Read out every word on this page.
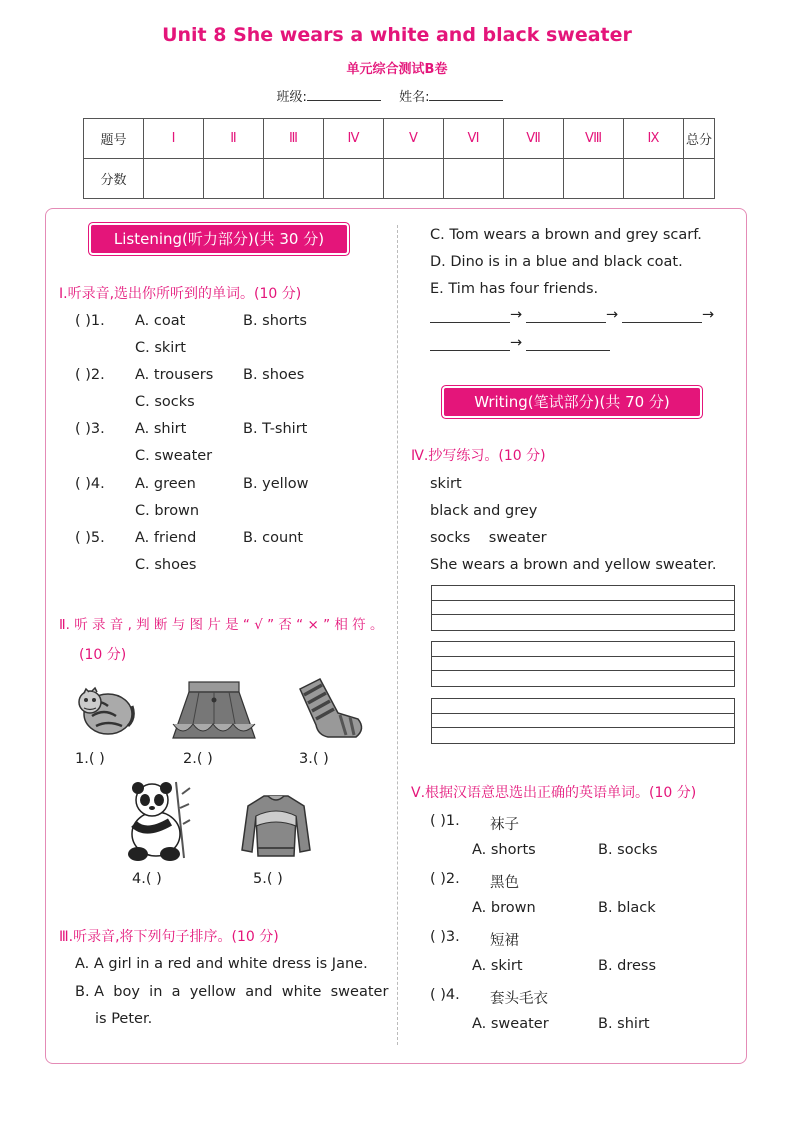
Unit 8 She wears a white and black sweater
单元综合测试B卷
班级:	姓名:
题号	Ⅰ	Ⅱ	Ⅲ	Ⅳ	Ⅴ	Ⅵ	Ⅶ	Ⅷ	Ⅸ	总分
分数										
Listening(听力部分)(共 30 分)
Ⅰ.听录音,选出你所听到的单词。(10 分)
( )1. A. coat	B. shorts
C. skirt
( )2. A. trousers B. shoes
C. socks
( )3. A. shirt	B. T-shirt
C. sweater
( )4. A. green	B. yellow
C. brown
( )5. A. friend	B. count
C. shoes
Ⅱ. 听 录 音 , 判 断 与 图 片 是 “ √ ” 否 “ × ” 相 符 。
(10 分)
1.( )	2.( )	3.( )
4.( )	5.( )
Ⅲ.听录音,将下列句子排序。(10 分)
A. A girl in a red and white dress is Jane.
B. A  boy  in  a  yellow  and  white  sweater
is Peter.
C. Tom wears a brown and grey scarf.
D. Dino is in a blue and black coat.
E. Tim has four friends.
→	→	→
→
Writing(笔试部分)(共 70 分)
Ⅳ.抄写练习。(10 分)
skirt
black and grey
socks    sweater
She wears a brown and yellow sweater.
Ⅴ.根据汉语意思选出正确的英语单词。(10 分)
( )1. 袜子
A. shorts	B. socks
( )2. 黑色
A. brown	B. black
( )3. 短裙
A. skirt	B. dress
( )4. 套头毛衣
A. sweater	B. shirt
